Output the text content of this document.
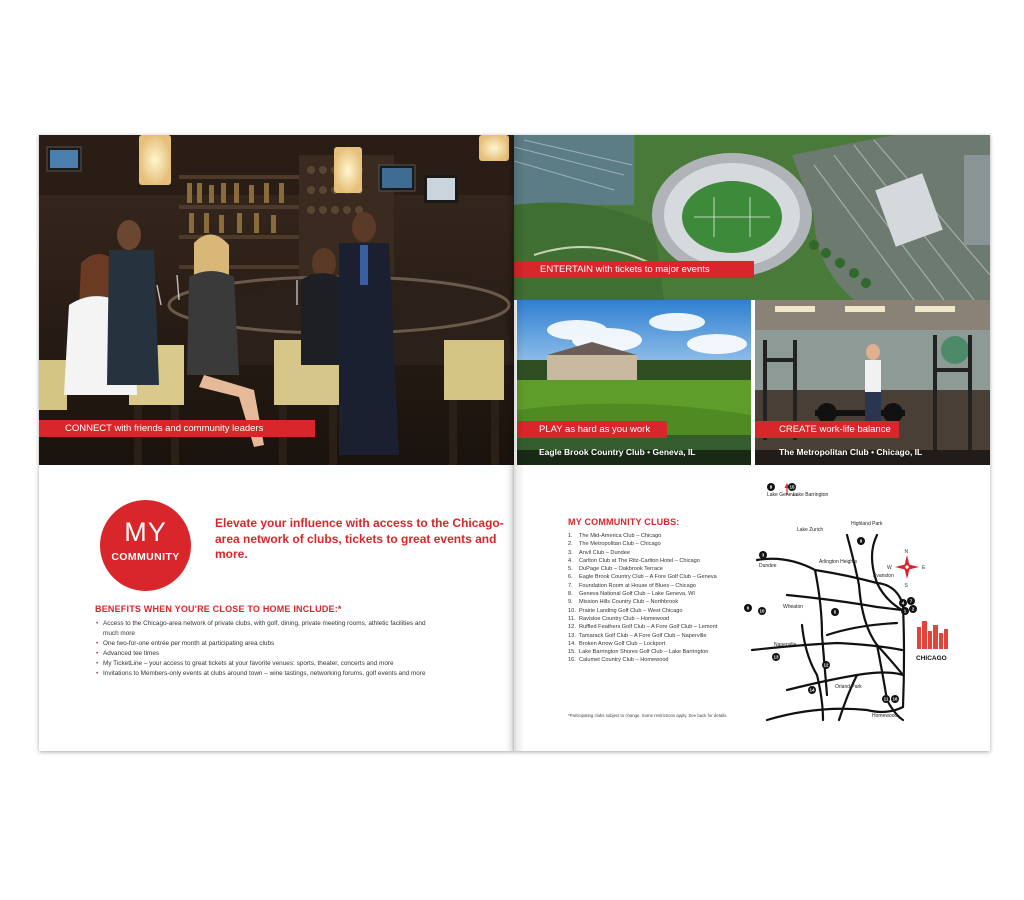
CONNECT with friends and community leaders
MY
COMMUNITY
Elevate your influence with access to the Chicago-area network of clubs, tickets to great events and more.
BENEFITS WHEN YOU'RE CLOSE TO HOME INCLUDE:*
• Access to the Chicago-area network of private clubs, with golf, dining, private meeting rooms, athletic facilities and much more
• One two-for-one entrée per month at participating area clubs
• Advanced tee times
• My TicketLine – your access to great tickets at your favorite venues: sports, theater, concerts and more
• Invitations to Members-only events at clubs around town – wine tastings, networking forums, golf events and more
ENTERTAIN with tickets to major events
PLAY as hard as you work
Eagle Brook Country Club • Geneva, IL
CREATE work-life balance
The Metropolitan Club • Chicago, IL
MY COMMUNITY CLUBS:
1. The Mid-America Club – Chicago
2. The Metropolitan Club – Chicago
3. Anvil Club – Dundee
4. Carlton Club at The Ritz-Carlton Hotel – Chicago
5. DuPage Club – Oakbrook Terrace
6. Eagle Brook Country Club – A Fore Golf Club – Geneva
7. Foundation Room at House of Blues – Chicago
8. Geneva National Golf Club – Lake Geneva, WI
9. Mission Hills Country Club – Northbrook
10. Prairie Landing Golf Club – West Chicago
11. Ravisloe Country Club – Homewood
12. Ruffled Feathers Golf Club – A Fore Golf Club – Lemont
13. Tamarack Golf Club – A Fore Golf Club – Naperville
14. Broken Arrow Golf Club – Lockport
15. Lake Barrington Shores Golf Club – Lake Barrington
16. Calumet Country Club – Homewood
*Participating clubs subject to change. Some restrictions apply. See back for details.
CHICAGO
N
S
W	E
Lake Geneva
Lake Barrington
Lake Zurich
Highland Park
Dundee
Arlington Heights
Evanston
Wheaton
Naperville
Orland Park
Homewood
8	15
3
9
4 7
1 2
6
10	5
13
12
14
11 16
